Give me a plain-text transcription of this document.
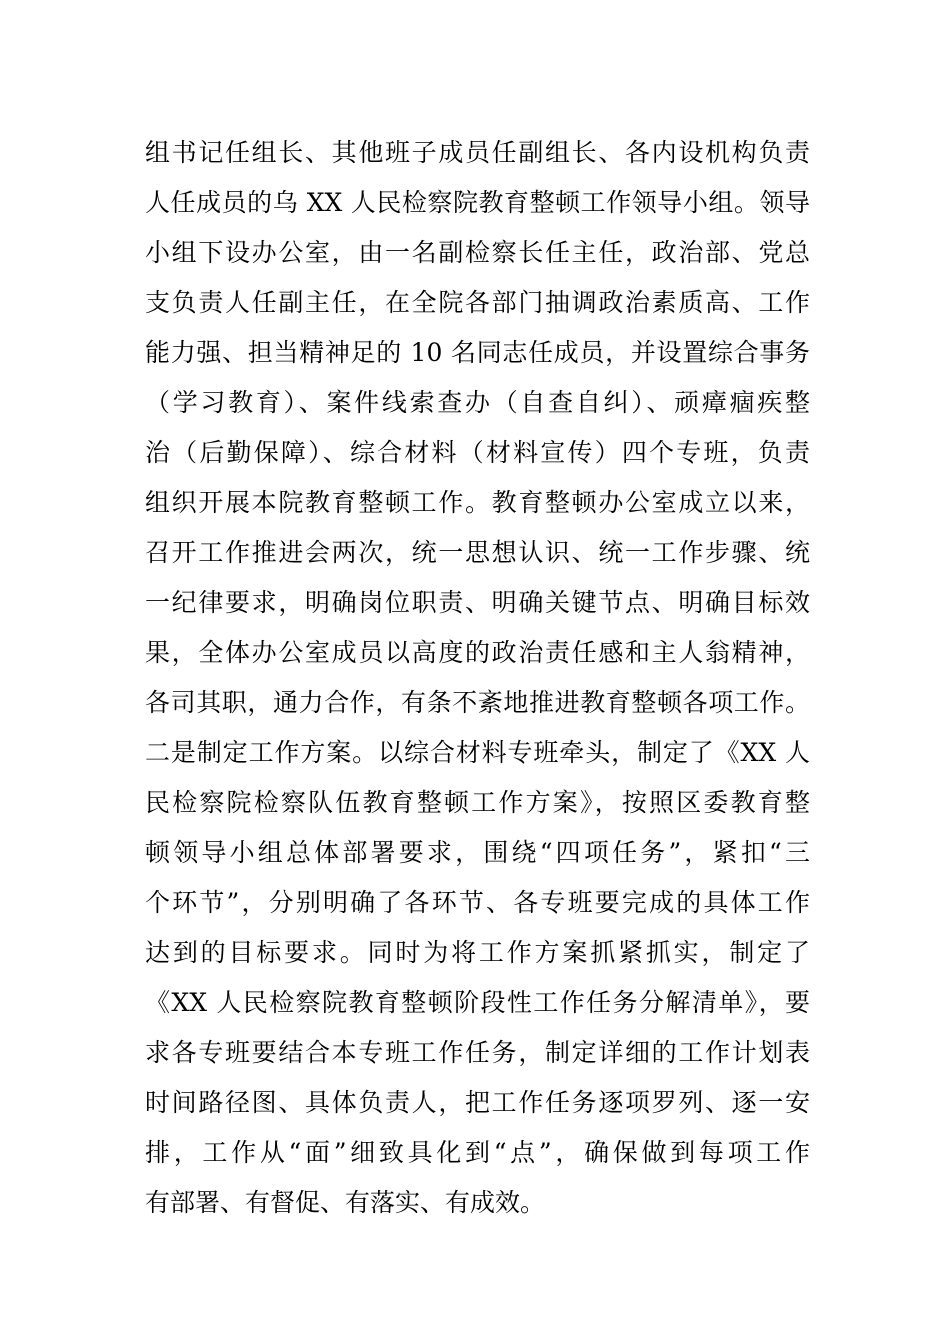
组书记任组长、其他班子成员任副组长、各内设机构负责
人任成员的乌 XX 人民检察院教育整顿工作领导小组。领导
小组下设办公室，由一名副检察长任主任，政治部、党总
支负责人任副主任，在全院各部门抽调政治素质高、工作
能力强、担当精神足的 10 名同志任成员，并设置综合事务
（学习教育）、案件线索查办（自查自纠）、顽瘴痼疾整
治（后勤保障）、综合材料（材料宣传）四个专班，负责
组织开展本院教育整顿工作。教育整顿办公室成立以来，
召开工作推进会两次，统一思想认识、统一工作步骤、统
一纪律要求，明确岗位职责、明确关键节点、明确目标效
果，全体办公室成员以高度的政治责任感和主人翁精神，
各司其职，通力合作，有条不紊地推进教育整顿各项工作。
二是制定工作方案。以综合材料专班牵头，制定了《XX 人
民检察院检察队伍教育整顿工作方案》，按照区委教育整
顿领导小组总体部署要求，围绕“四项任务”，紧扣“三
个环节”，分别明确了各环节、各专班要完成的具体工作
达到的目标要求。同时为将工作方案抓紧抓实，制定了
《XX 人民检察院教育整顿阶段性工作任务分解清单》，要
求各专班要结合本专班工作任务，制定详细的工作计划表
时间路径图、具体负责人，把工作任务逐项罗列、逐一安
排，工作从“面”细致具化到“点”，确保做到每项工作
有部署、有督促、有落实、有成效。
